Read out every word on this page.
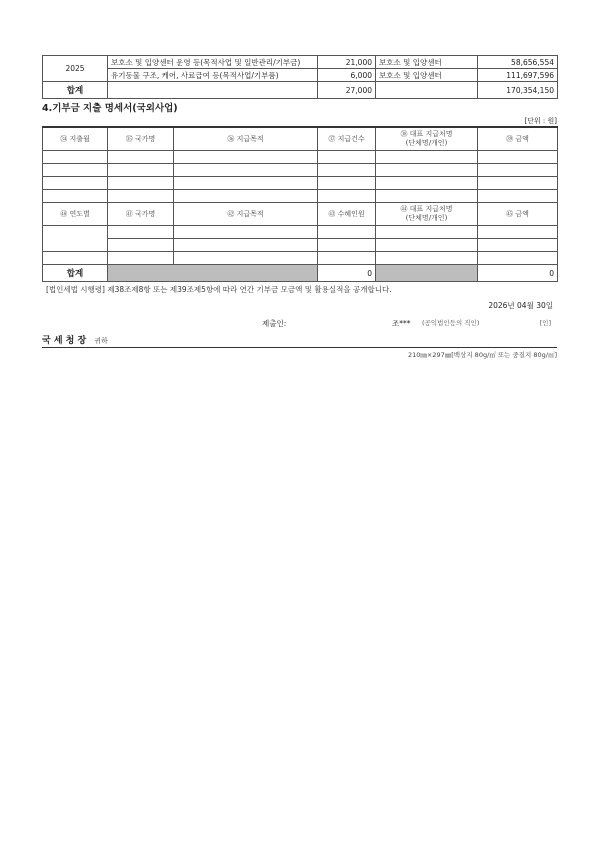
2025	보호소 및 입양센터 운영 등(목적사업 및 일반관리/기부금)	21,000	보호소 및 입양센터	58,656,554
	유기동물 구조, 케어, 사료급여 등(목적사업/기부품)	6,000	보호소 및 입양센터	111,697,596
합계		27,000		170,354,150
4.기부금 지출 명세서(국외사업)
[단위 : 원]
㉞ 지출월	㉟ 국가명	㊱ 지급목적	㊲ 지급건수	㊳ 대표 지급처명
(단체명/개인)	㊴ 금액

㊵ 연도별	㊶ 국가명	㊷ 지급목적	㊸ 수혜인원	㊹ 대표 지급처명
(단체명/개인)	㊺ 금액

합계			0		0
[법인세법 시행령] 제38조제8항 또는 제39조제5항에 따라 연간 기부금 모금액 및 활용실적을 공개합니다.
2026년 04월 30일
제출인:	조*** (공익법인등의 직인)	[인]
국 세 청 장 귀하
210㎜×297㎜[백상지 80g/㎡ 또는 중질지 80g/㎡]
